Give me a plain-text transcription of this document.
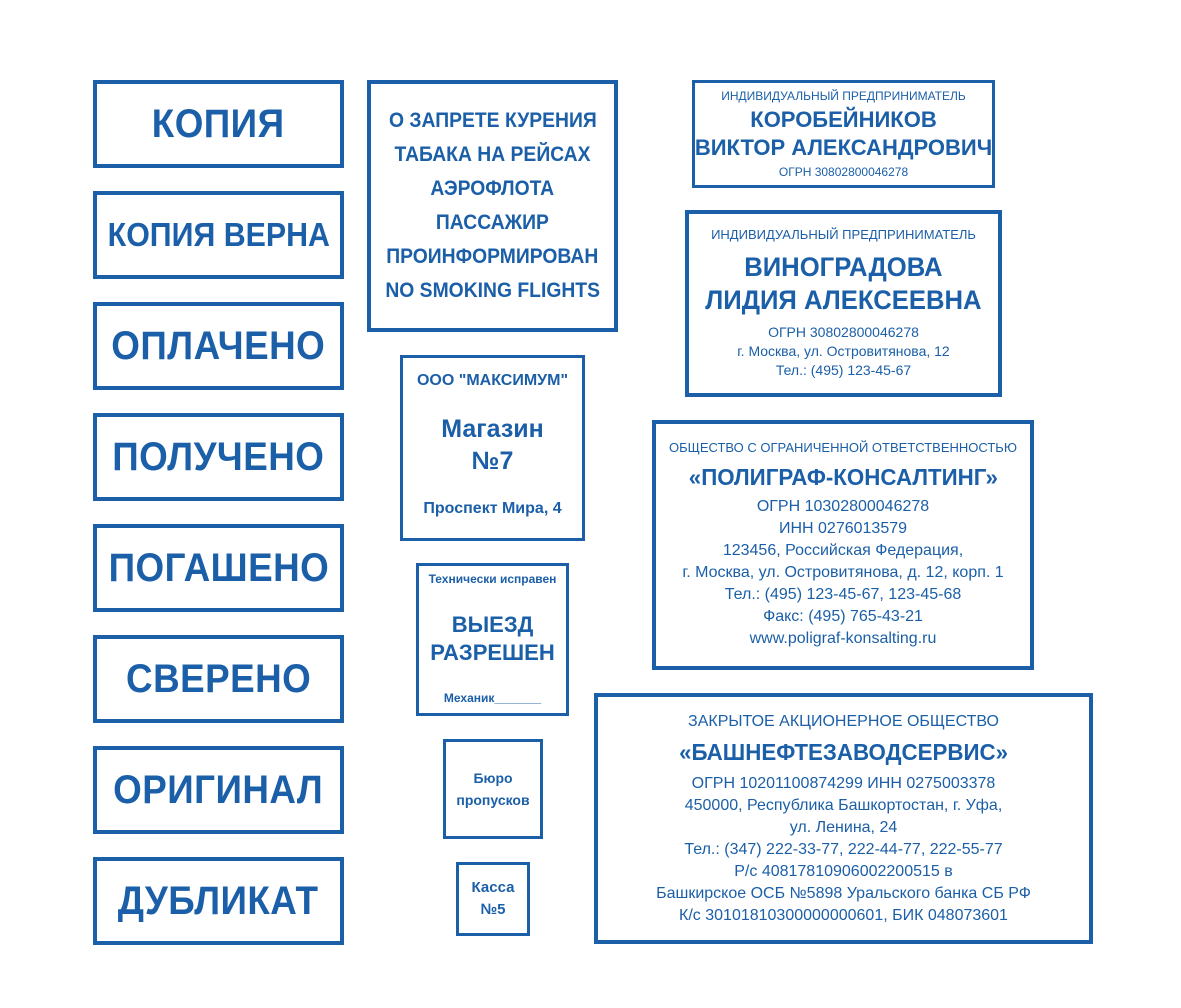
КОПИЯ
КОПИЯ ВЕРНА
ОПЛАЧЕНО
ПОЛУЧЕНО
ПОГАШЕНО
СВЕРЕНО
ОРИГИНАЛ
ДУБЛИКАТ
О ЗАПРЕТЕ КУРЕНИЯ
ТАБАКА НА РЕЙСАХ
АЭРОФЛОТА
ПАССАЖИР
ПРОИНФОРМИРОВАН
NO SMOKING FLIGHTS
ООО "МАКСИМУМ"
Магазин
№7
Проспект Мира, 4
Технически исправен
ВЫЕЗД
РАЗРЕШЕН
Механик_______
Бюро
пропусков
Касса
№5
ИНДИВИДУАЛЬНЫЙ ПРЕДПРИНИМАТЕЛЬ
КОРОБЕЙНИКОВ
ВИКТОР АЛЕКСАНДРОВИЧ
ОГРН 30802800046278
ИНДИВИДУАЛЬНЫЙ ПРЕДПРИНИМАТЕЛЬ
ВИНОГРАДОВА
ЛИДИЯ АЛЕКСЕЕВНА
ОГРН 30802800046278
г. Москва, ул. Островитянова, 12
Тел.: (495) 123-45-67
ОБЩЕСТВО С ОГРАНИЧЕННОЙ ОТВЕТСТВЕННОСТЬЮ
«ПОЛИГРАФ-КОНСАЛТИНГ»
ОГРН 10302800046278
ИНН 0276013579
123456, Российская Федерация,
г. Москва, ул. Островитянова, д. 12, корп. 1
Тел.: (495) 123-45-67, 123-45-68
Факс: (495) 765-43-21
www.poligraf-konsalting.ru
ЗАКРЫТОЕ АКЦИОНЕРНОЕ ОБЩЕСТВО
«БАШНЕФТЕЗАВОДСЕРВИС»
ОГРН 10201100874299 ИНН 0275003378
450000, Республика Башкортостан, г. Уфа,
ул. Ленина, 24
Тел.: (347) 222-33-77, 222-44-77, 222-55-77
Р/с 40817810906002200515 в
Башкирское ОСБ №5898 Уральского банка СБ РФ
К/с 30101810300000000601, БИК 048073601
